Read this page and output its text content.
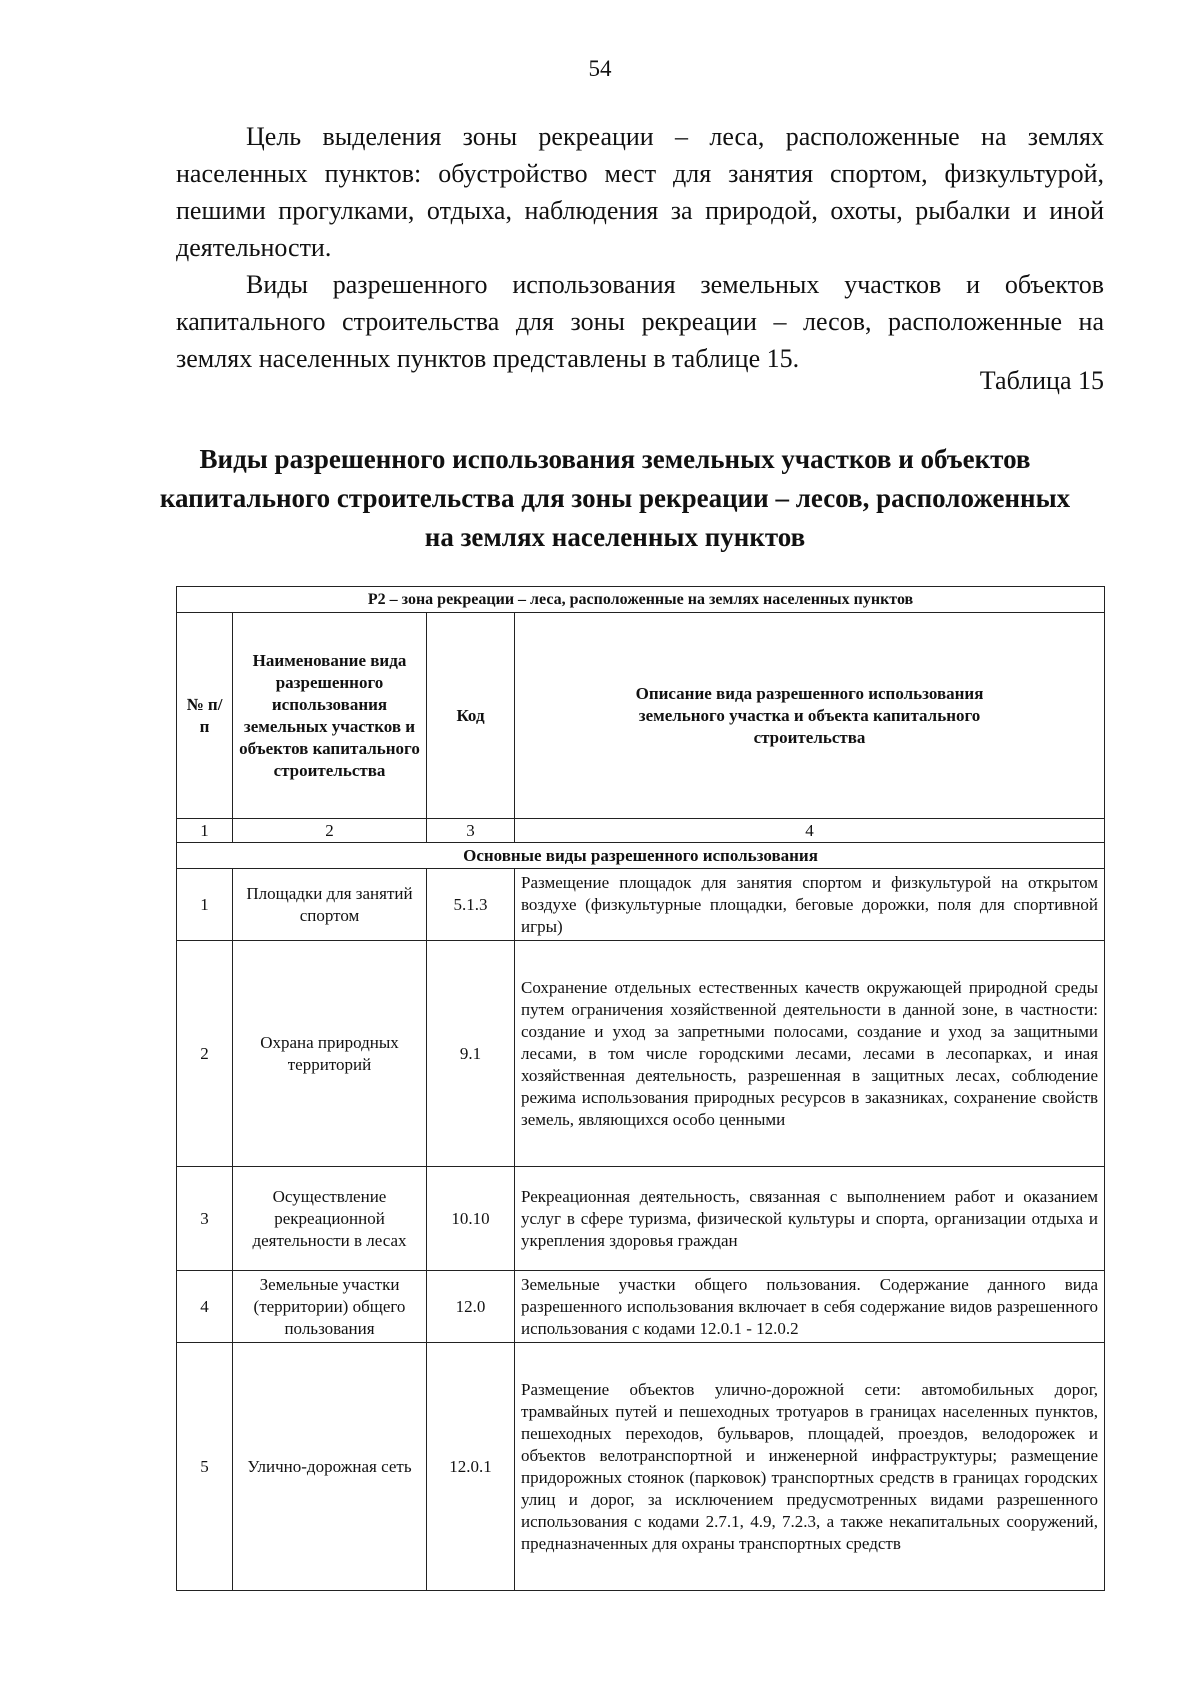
54

Цель выделения зоны рекреации – леса, расположенные на землях населенных пунктов: обустройство мест для занятия спортом, физкультурой, пешими прогулками, отдыха, наблюдения за природой, охоты, рыбалки и иной деятельности.

Виды разрешенного использования земельных участков и объектов капитального строительства для зоны рекреации – лесов, расположенные на землях населенных пунктов представлены в таблице 15.

Таблица 15
Виды разрешенного использования земельных участков и объектов капитального строительства для зоны рекреации – лесов, расположенных на землях населенных пунктов
Р2 – зона рекреации – леса, расположенные на землях населенных пунктов			
№ п/п	Наименование вида разрешенного использования земельных участков и объектов капитального строительства	Код	Описание вида разрешенного использования земельного участка и объекта капитального строительства
1	2	3	4
Основные виды разрешенного использования			
1	Площадки для занятий спортом	5.1.3	Размещение площадок для занятия спортом и физкультурой на открытом воздухе (физкультурные площадки, беговые дорожки, поля для спортивной игры)
2	Охрана природных территорий	9.1	Сохранение отдельных естественных качеств окружающей природной среды путем ограничения хозяйственной деятельности в данной зоне, в частности: создание и уход за запретными полосами, создание и уход за защитными лесами, в том числе городскими лесами, лесами в лесопарках, и иная хозяйственная деятельность, разрешенная в защитных лесах, соблюдение режима использования природных ресурсов в заказниках, сохранение свойств земель, являющихся особо ценными
3	Осуществление рекреационной деятельности в лесах	10.10	Рекреационная деятельность, связанная с выполнением работ и оказанием услуг в сфере туризма, физической культуры и спорта, организации отдыха и укрепления здоровья граждан
4	Земельные участки (территории) общего пользования	12.0	Земельные участки общего пользования. Содержание данного вида разрешенного использования включает в себя содержание видов разрешенного использования с кодами 12.0.1 - 12.0.2
5	Улично-дорожная сеть	12.0.1	Размещение объектов улично-дорожной сети: автомобильных дорог, трамвайных путей и пешеходных тротуаров в границах населенных пунктов, пешеходных переходов, бульваров, площадей, проездов, велодорожек и объектов велотранспортной и инженерной инфраструктуры; размещение придорожных стоянок (парковок) транспортных средств в границах городских улиц и дорог, за исключением предусмотренных видами разрешенного использования с кодами 2.7.1, 4.9, 7.2.3, а также некапитальных сооружений, предназначенных для охраны транспортных средств
